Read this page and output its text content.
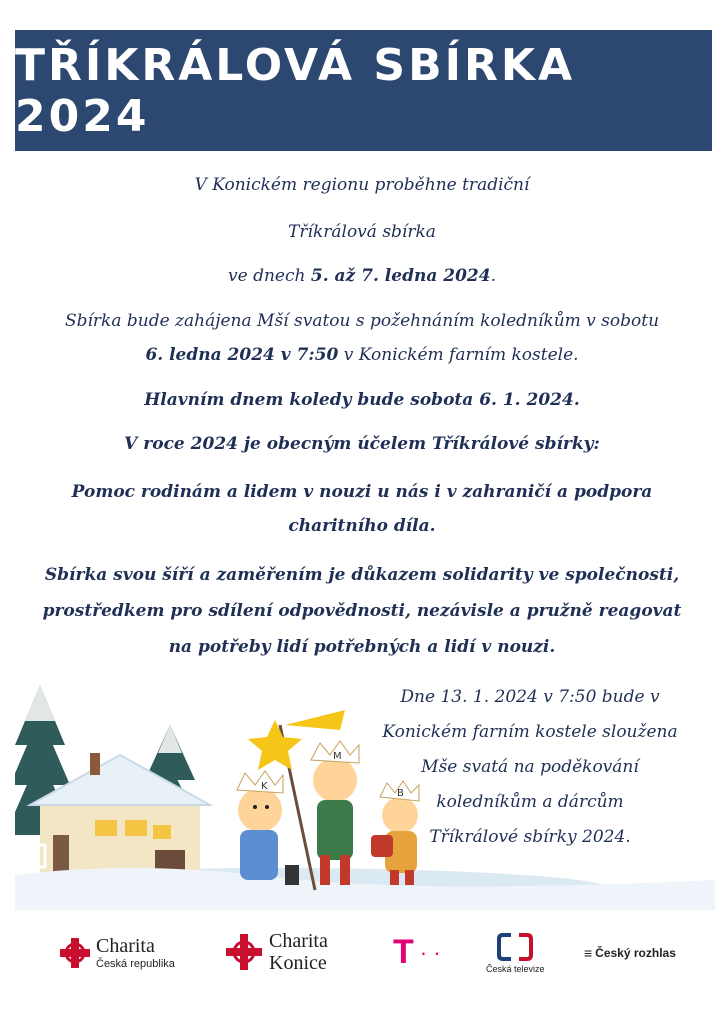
TŘÍKRÁLOVÁ SBÍRKA 2024
V Konickém regionu proběhne tradiční
Tříkrálová sbírka
ve dnech 5. až 7. ledna 2024.
Sbírka bude zahájena Mší svatou s požehnáním koledníkům v sobotu
6. ledna 2024 v 7:50 v Konickém farním kostele.
Hlavním dnem koledy bude sobota 6. 1. 2024.
V roce 2024 je obecným účelem Tříkrálové sbírky:
Pomoc rodinám a lidem v nouzi u nás i v zahraničí a podpora
charitního díla.
Sbírka svou šíří a zaměřením je důkazem solidarity ve společnosti,
prostředkem pro sdílení odpovědnosti, nezávisle a pružně reagovat
na potřeby lidí potřebných a lidí v nouzi.
K
M
B
Dne 13. 1. 2024 v 7:50 bude v
Konickém farním kostele sloužena
Mše svatá na poděkování
koledníkům a dárcům
Tříkrálové sbírky 2024.
Charita
Česká republika
Charita
Konice T · ·
Česká televize
≡ Český rozhlas
